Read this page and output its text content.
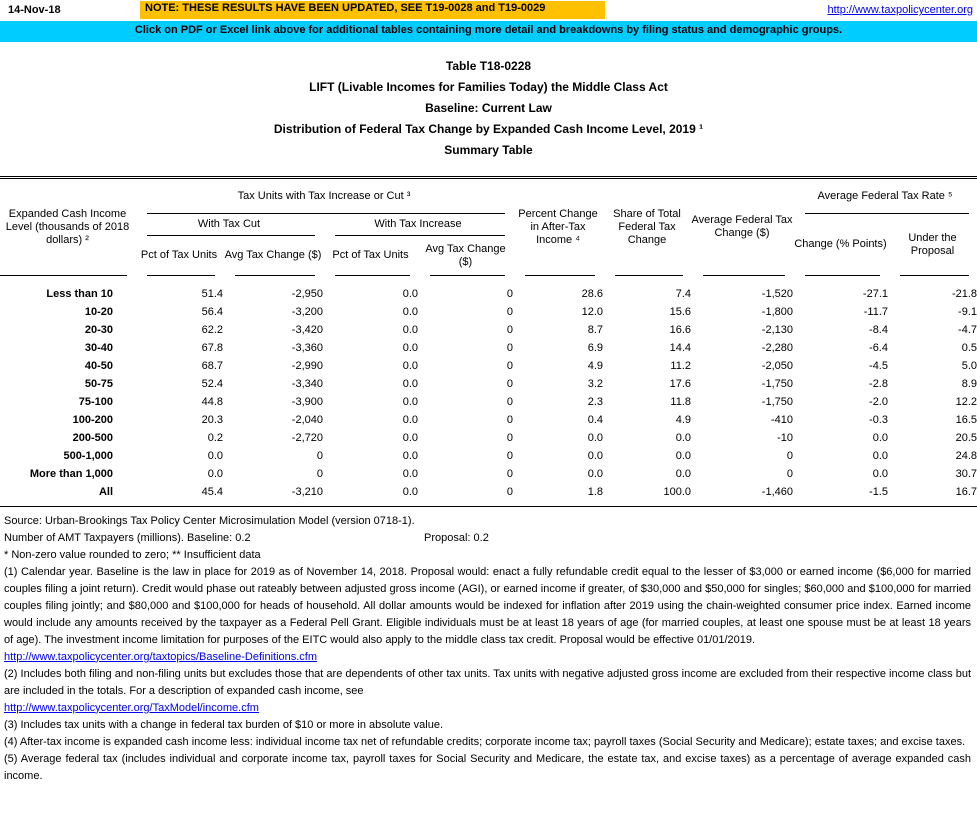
14-Nov-18	NOTE: THESE RESULTS HAVE BEEN UPDATED, SEE T19-0028 and T19-0029	http://www.taxpolicycenter.org
Click on PDF or Excel link above for additional tables containing more detail and breakdowns by filing status and demographic groups.
Table T18-0228
LIFT (Livable Incomes for Families Today) the Middle Class Act
Baseline: Current Law
Distribution of Federal Tax Change by Expanded Cash Income Level, 2019 ¹
Summary Table
Expanded Cash Income Level (thousands of 2018 dollars) ²	Tax Units with Tax Increase or Cut ³				Percent Change in After-Tax Income ⁴	Share of Total Federal Tax Change	Average Federal Tax Change ($)	Average Federal Tax Rate ⁵	
	With Tax Cut		With Tax Increase					Change (% Points)	Under the Proposal
	Pct of Tax Units	Avg Tax Change ($)	Pct of Tax Units	Avg Tax Change ($)					
Less than 10	51.4	-2,950	0.0	0	28.6	7.4	-1,520	-27.1	-21.8
10-20	56.4	-3,200	0.0	0	12.0	15.6	-1,800	-11.7	-9.1
20-30	62.2	-3,420	0.0	0	8.7	16.6	-2,130	-8.4	-4.7
30-40	67.8	-3,360	0.0	0	6.9	14.4	-2,280	-6.4	0.5
40-50	68.7	-2,990	0.0	0	4.9	11.2	-2,050	-4.5	5.0
50-75	52.4	-3,340	0.0	0	3.2	17.6	-1,750	-2.8	8.9
75-100	44.8	-3,900	0.0	0	2.3	11.8	-1,750	-2.0	12.2
100-200	20.3	-2,040	0.0	0	0.4	4.9	-410	-0.3	16.5
200-500	0.2	-2,720	0.0	0	0.0	0.0	-10	0.0	20.5
500-1,000	0.0	0	0.0	0	0.0	0.0	0	0.0	24.8
More than 1,000	0.0	0	0.0	0	0.0	0.0	0	0.0	30.7
All	45.4	-3,210	0.0	0	1.8	100.0	-1,460	-1.5	16.7
Source: Urban-Brookings Tax Policy Center Microsimulation Model (version 0718-1).
Number of AMT Taxpayers (millions). Baseline: 0.2	Proposal: 0.2
* Non-zero value rounded to zero; ** Insufficient data
(1) Calendar year. Baseline is the law in place for 2019 as of November 14, 2018. Proposal would: enact a fully refundable credit equal to the lesser of $3,000 or earned income ($6,000 for married couples filing a joint return). Credit would phase out rateably between adjusted gross income (AGI), or earned income if greater, of $30,000 and $50,000 for singles; $60,000 and $100,000 for married couples filing jointly; and $80,000 and $100,000 for heads of household. All dollar amounts would be indexed for inflation after 2019 using the chain-weighted consumer price index. Earned income would include any amounts received by the taxpayer as a Federal Pell Grant. Eligible individuals must be at least 18 years of age (for married couples, at least one spouse must be at least 18 years of age). The investment income limitation for purposes of the EITC would also apply to the middle class tax credit. Proposal would be effective 01/01/2019.
http://www.taxpolicycenter.org/taxtopics/Baseline-Definitions.cfm
(2) Includes both filing and non-filing units but excludes those that are dependents of other tax units. Tax units with negative adjusted gross income are excluded from their respective income class but are included in the totals. For a description of expanded cash income, see
http://www.taxpolicycenter.org/TaxModel/income.cfm
(3) Includes tax units with a change in federal tax burden of $10 or more in absolute value.
(4) After-tax income is expanded cash income less: individual income tax net of refundable credits; corporate income tax; payroll taxes (Social Security and Medicare); estate taxes; and excise taxes.
(5) Average federal tax (includes individual and corporate income tax, payroll taxes for Social Security and Medicare, the estate tax, and excise taxes) as a percentage of average expanded cash income.
